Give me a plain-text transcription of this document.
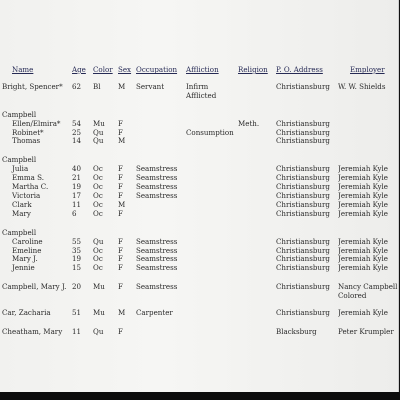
Name	Age	Color	Sex	Occupation	Affliction	Religion	P. O. Address	Employer
Bright, Spencer*	62	Bl	M	Servant	Infirm		Christiansburg	W. W. Shields
					Afflicted			

Campbell								
Ellen/Elmira*	54	Mu	F			Meth.	Christiansburg	
Robinet*	25	Qu	F		Consumption		Christiansburg	
Thomas	14	Qu	M				Christiansburg	

Campbell								
Julia	40	Oc	F	Seamstress			Christiansburg	Jeremiah Kyle
Emma S.	21	Oc	F	Seamstress			Christiansburg	Jeremiah Kyle
Martha C.	19	Oc	F	Seamstress			Christiansburg	Jeremiah Kyle
Victoria	17	Oc	F	Seamstress			Christiansburg	Jeremiah Kyle
Clark	11	Oc	M				Christiansburg	Jeremiah Kyle
Mary	6	Oc	F				Christiansburg	Jeremiah Kyle

Campbell								
Caroline	55	Qu	F	Seamstress			Christiansburg	Jeremiah Kyle
Emeline	35	Oc	F	Seamstress			Christiansburg	Jeremiah Kyle
Mary J.	19	Oc	F	Seamstress			Christiansburg	Jeremiah Kyle
Jennie	15	Oc	F	Seamstress			Christiansburg	Jeremiah Kyle

Campbell, Mary J.	20	Mu	F	Seamstress			Christiansburg	Nancy Campbell
								Colored

Car, Zacharia	51	Mu	M	Carpenter			Christiansburg	Jeremiah Kyle

Cheatham, Mary	11	Qu	F				Blacksburg	Peter Krumpler
